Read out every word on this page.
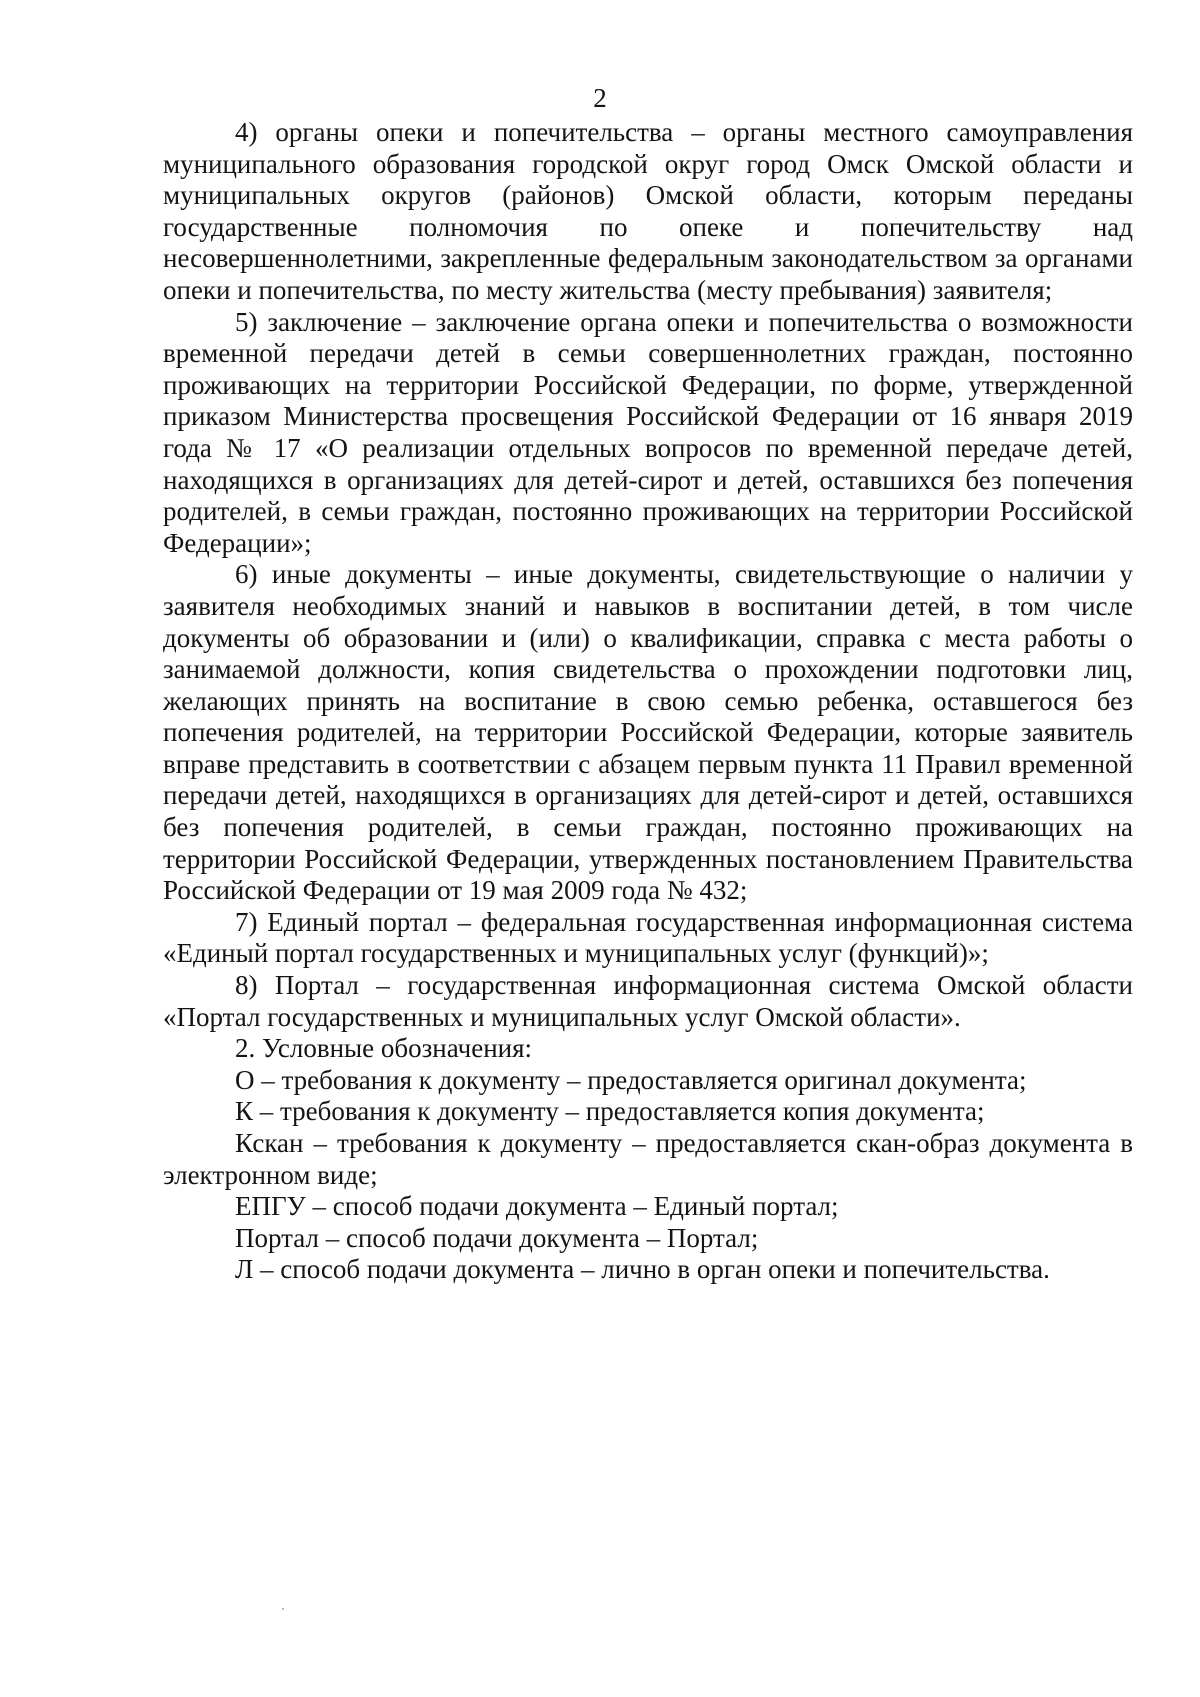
2

4) органы опеки и попечительства – органы местного самоуправления муниципального образования городской округ город Омск Омской области и муниципальных округов (районов) Омской области, которым переданы государственные полномочия по опеке и попечительству над несовершеннолетними, закрепленные федеральным законодательством за органами опеки и попечительства, по месту жительства (месту пребывания) заявителя;

5) заключение – заключение органа опеки и попечительства о возможности временной передачи детей в семьи совершеннолетних граждан, постоянно проживающих на территории Российской Федерации, по форме, утвержденной приказом Министерства просвещения Российской Федерации от 16 января 2019 года № 17 «О реализации отдельных вопросов по временной передаче детей, находящихся в организациях для детей-сирот и детей, оставшихся без попечения родителей, в семьи граждан, постоянно проживающих на территории Российской Федерации»;

6) иные документы – иные документы, свидетельствующие о наличии у заявителя необходимых знаний и навыков в воспитании детей, в том числе документы об образовании и (или) о квалификации, справка с места работы о занимаемой должности, копия свидетельства о прохождении подготовки лиц, желающих принять на воспитание в свою семью ребенка, оставшегося без попечения родителей, на территории Российской Федерации, которые заявитель вправе представить в соответствии с абзацем первым пункта 11 Правил временной передачи детей, находящихся в организациях для детей-сирот и детей, оставшихся без попечения родителей, в семьи граждан, постоянно проживающих на территории Российской Федерации, утвержденных постановлением Правительства Российской Федерации от 19 мая 2009 года № 432;

7) Единый портал – федеральная государственная информационная система «Единый портал государственных и муниципальных услуг (функций)»;

8) Портал – государственная информационная система Омской области «Портал государственных и муниципальных услуг Омской области».

2. Условные обозначения:

О – требования к документу – предоставляется оригинал документа;

К – требования к документу – предоставляется копия документа;

Кскан – требования к документу – предоставляется скан-образ документа в электронном виде;

ЕПГУ – способ подачи документа – Единый портал;

Портал – способ подачи документа – Портал;

Л – способ подачи документа – лично в орган опеки и попечительства.
